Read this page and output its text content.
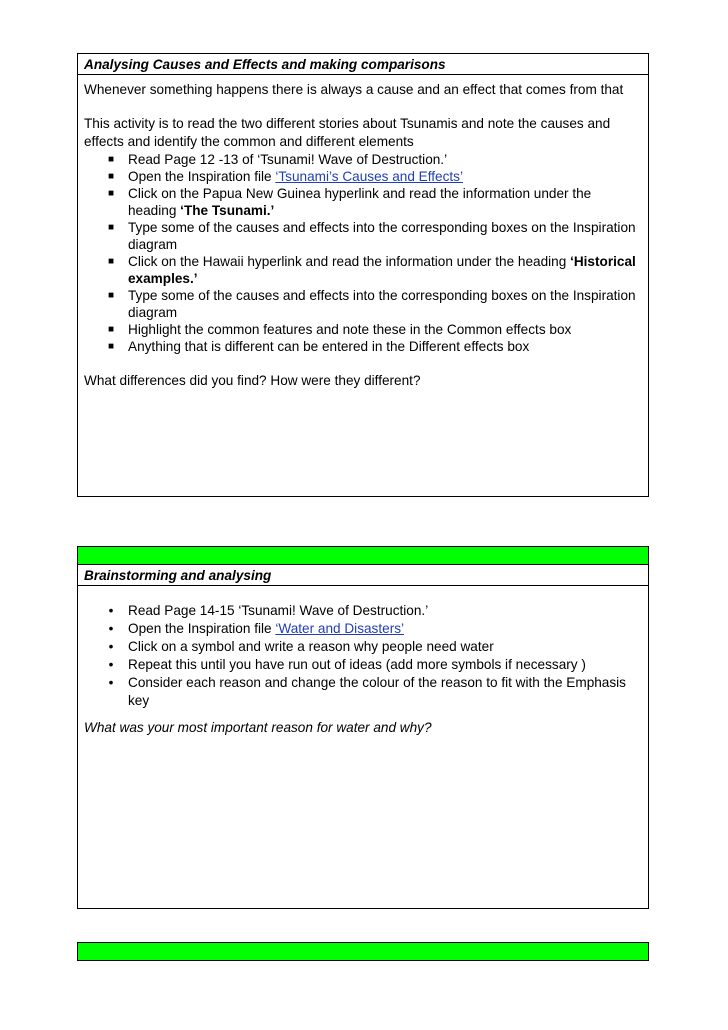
Analysing Causes and Effects and making comparisons

Whenever something happens there is always a cause and an effect that comes from that

This activity is to read the two different stories about Tsunamis and note the causes and effects and identify the common and different elements

■	Read Page 12 -13 of ‘Tsunami! Wave of Destruction.’
■	Open the Inspiration file ‘Tsunami’s Causes and Effects’
■	Click on the Papua New Guinea hyperlink and read the information under the heading ‘The Tsunami.’
■	Type some of the causes and effects into the corresponding boxes on the Inspiration diagram
■	Click on the Hawaii hyperlink and read the information under the heading ‘Historical examples.’
■	Type some of the causes and effects into the corresponding boxes on the Inspiration diagram
■	Highlight the common features and note these in the Common effects box
■	Anything that is different can be entered in the Different effects box

What differences did you find? How were they different?

Brainstorming and analysing

•	Read Page 14-15 ‘Tsunami! Wave of Destruction.’
•	Open the Inspiration file ‘Water and Disasters’
•	Click on a symbol and write a reason why people need water
•	Repeat this until you have run out of ideas (add more symbols if necessary )
•	Consider each reason and change the colour of the reason to fit with the Emphasis key

What was your most important reason for water and why?
